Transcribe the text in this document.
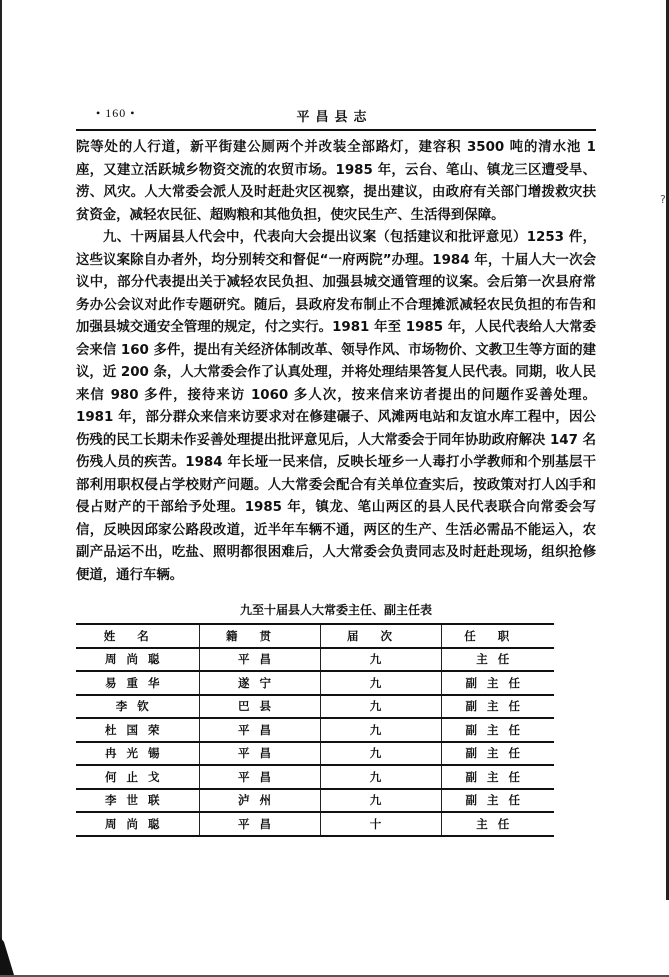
?
平昌县志
• 160 •

院等处的人行道，新平街建公厕两个并改装全部路灯，建容积 3500 吨的清水池 1 座，又建立活跃城乡物资交流的农贸市场。1985 年，云台、笔山、镇龙三区遭受旱、涝、风灾。人大常委会派人及时赶赴灾区视察，提出建议，由政府有关部门增拨救灾扶贫资金，减轻农民征、超购粮和其他负担，使灾民生产、生活得到保障。

九、十两届县人代会中，代表向大会提出议案（包括建议和批评意见）1253 件，这些议案除自办者外，均分别转交和督促“一府两院”办理。1984 年，十届人大一次会议中，部分代表提出关于减轻农民负担、加强县城交通管理的议案。会后第一次县府常务办公会议对此作专题研究。随后，县政府发布制止不合理摊派减轻农民负担的布告和加强县城交通安全管理的规定，付之实行。1981 年至 1985 年，人民代表给人大常委会来信 160 多件，提出有关经济体制改革、领导作风、市场物价、文教卫生等方面的建议，近 200 条，人大常委会作了认真处理，并将处理结果答复人民代表。同期，收人民来信 980 多件，接待来访 1060 多人次，按来信来访者提出的问题作妥善处理。1981 年，部分群众来信来访要求对在修建碾子、风滩两电站和友谊水库工程中，因公伤残的民工长期未作妥善处理提出批评意见后，人大常委会于同年协助政府解决 147 名伤残人员的疾苦。1984 年长垭一民来信，反映长垭乡一人毒打小学教师和个别基层干部利用职权侵占学校财产问题。人大常委会配合有关单位查实后，按政策对打人凶手和侵占财产的干部给予处理。1985 年，镇龙、笔山两区的县人民代表联合向常委会写信，反映因邱家公路段改道，近半年车辆不通，两区的生产、生活必需品不能运入，农副产品运不出，吃盐、照明都很困难后，人大常委会负责同志及时赶赴现场，组织抢修便道，通行车辆。

九至十届县人大常委主任、副主任表
姓名	籍贯	届次	任职
周尚聪	平昌	九	主任
易重华	遂宁	九	副主任
李钦	巴县	九	副主任
杜国荣	平昌	九	副主任
冉光锡	平昌	九	副主任
何止戈	平昌	九	副主任
李世联	泸州	九	副主任
周尚聪	平昌	十	主任
